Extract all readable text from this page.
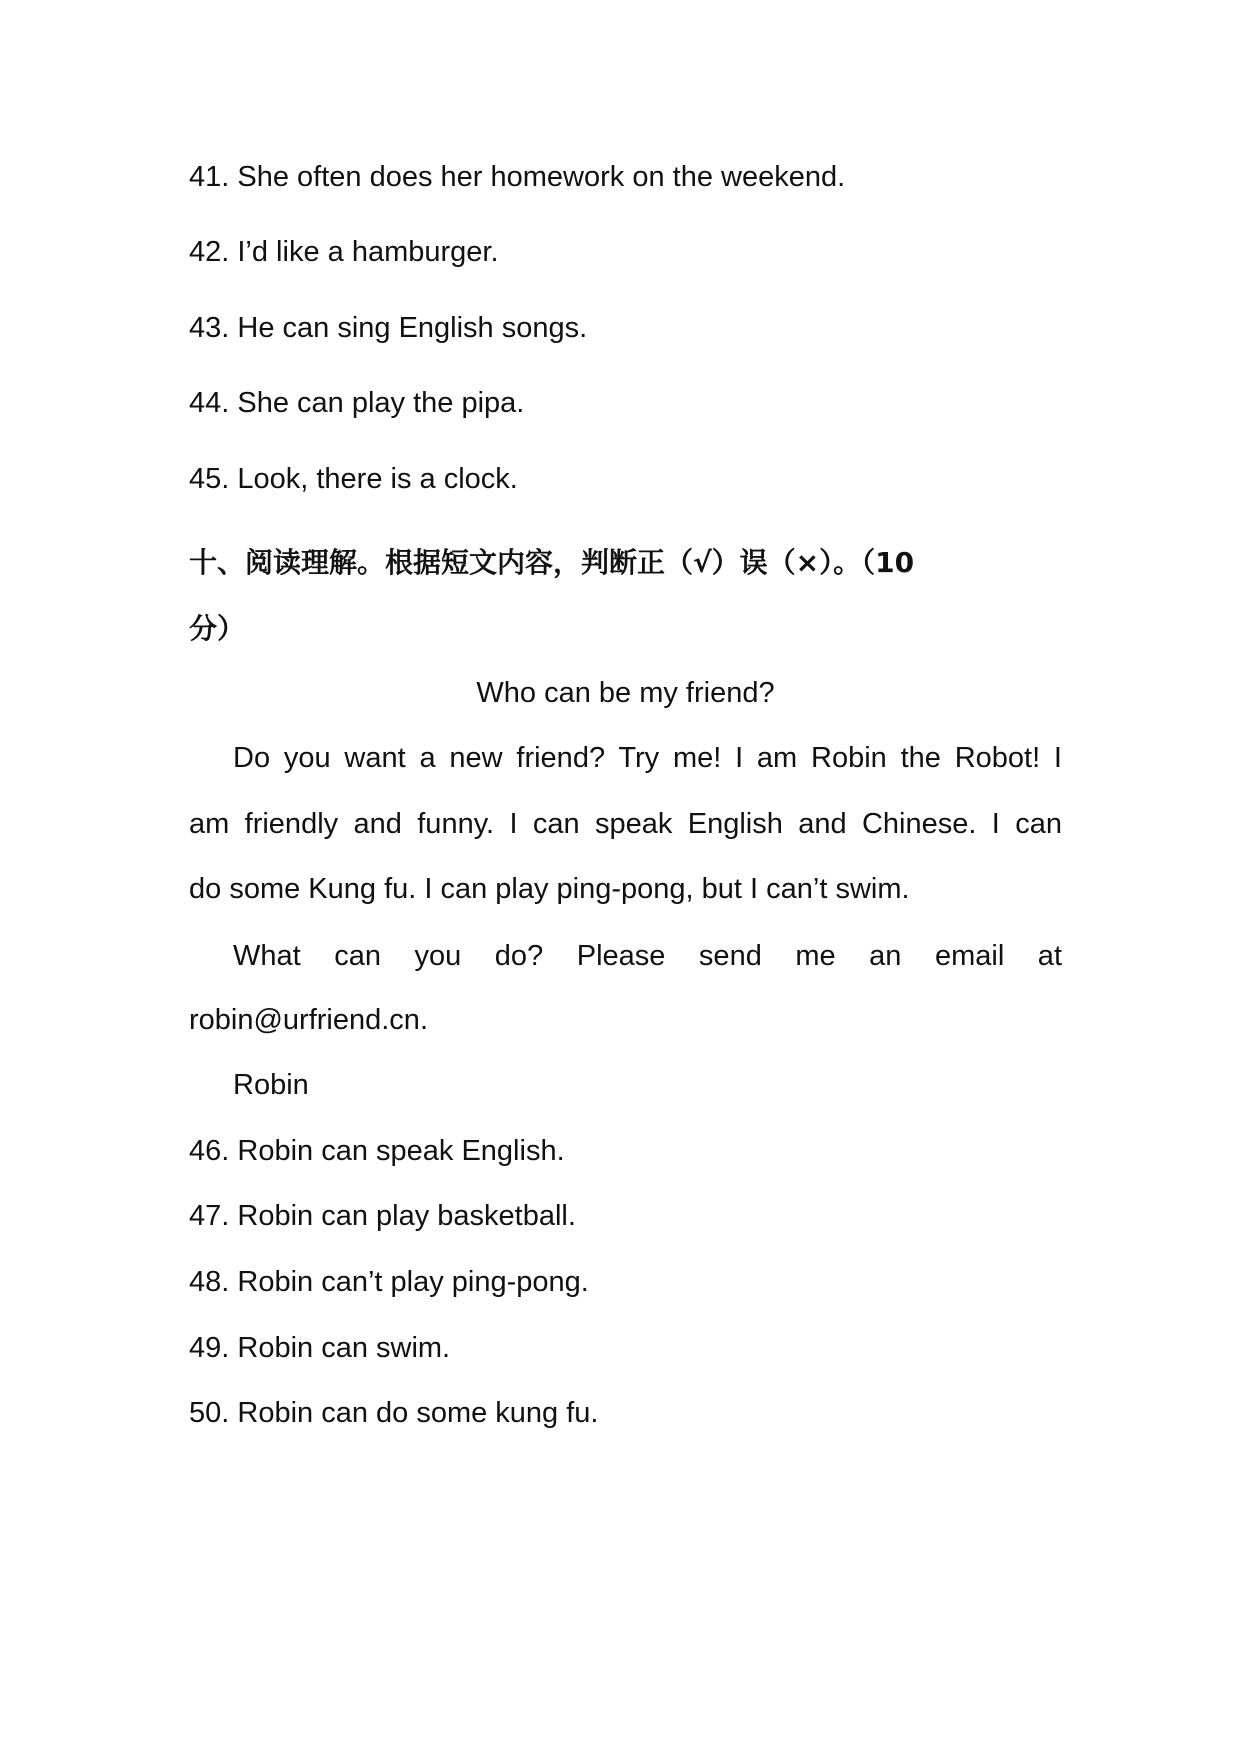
41. She often does her homework on the weekend.
42. I’d like a hamburger.
43. He can sing English songs.
44. She can play the pipa.
45. Look, there is a clock.
十、阅读理解。根据短文内容，判断正（√）误（×）。（10
分）
Who can be my friend?
Do you want a new friend? Try me! I am Robin the Robot! I
am friendly and funny. I can speak English and Chinese. I can
do some Kung fu. I can play ping-pong, but I can’t swim.
What can you do? Please send me an email at
robin@urfriend.cn.
Robin
46. Robin can speak English.
47. Robin can play basketball.
48. Robin can’t play ping-pong.
49. Robin can swim.
50. Robin can do some kung fu.
